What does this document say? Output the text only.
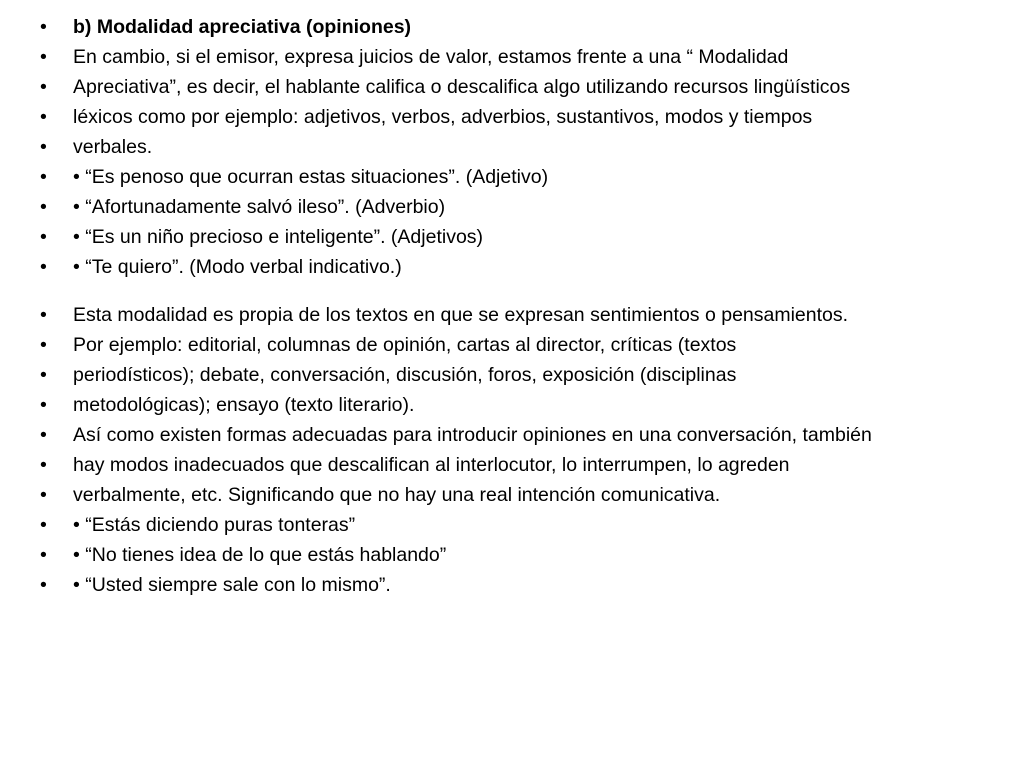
•	b) Modalidad apreciativa (opiniones)
•	En cambio, si el emisor, expresa juicios de valor, estamos frente a una “ Modalidad
•	Apreciativa”, es decir, el hablante califica o descalifica algo utilizando recursos lingüísticos
•	léxicos como por ejemplo: adjetivos, verbos, adverbios, sustantivos, modos y tiempos
•	verbales.
•	• “Es penoso que ocurran estas situaciones”. (Adjetivo)
•	• “Afortunadamente salvó ileso”. (Adverbio)
•	• “Es un niño precioso e inteligente”. (Adjetivos)
•	• “Te quiero”. (Modo verbal indicativo.)
•	Esta modalidad es propia de los textos en que se expresan sentimientos o pensamientos.
•	Por ejemplo: editorial, columnas de opinión, cartas al director, críticas (textos
•	periodísticos); debate, conversación, discusión, foros, exposición (disciplinas
•	metodológicas); ensayo (texto literario).
•	Así como existen formas adecuadas para introducir opiniones en una conversación, también
•	hay modos inadecuados que descalifican al interlocutor, lo interrumpen, lo agreden
•	verbalmente, etc. Significando que no hay una real intención comunicativa.
•	• “Estás diciendo puras tonteras”
•	• “No tienes idea de lo que estás hablando”
•	• “Usted siempre sale con lo mismo”.
